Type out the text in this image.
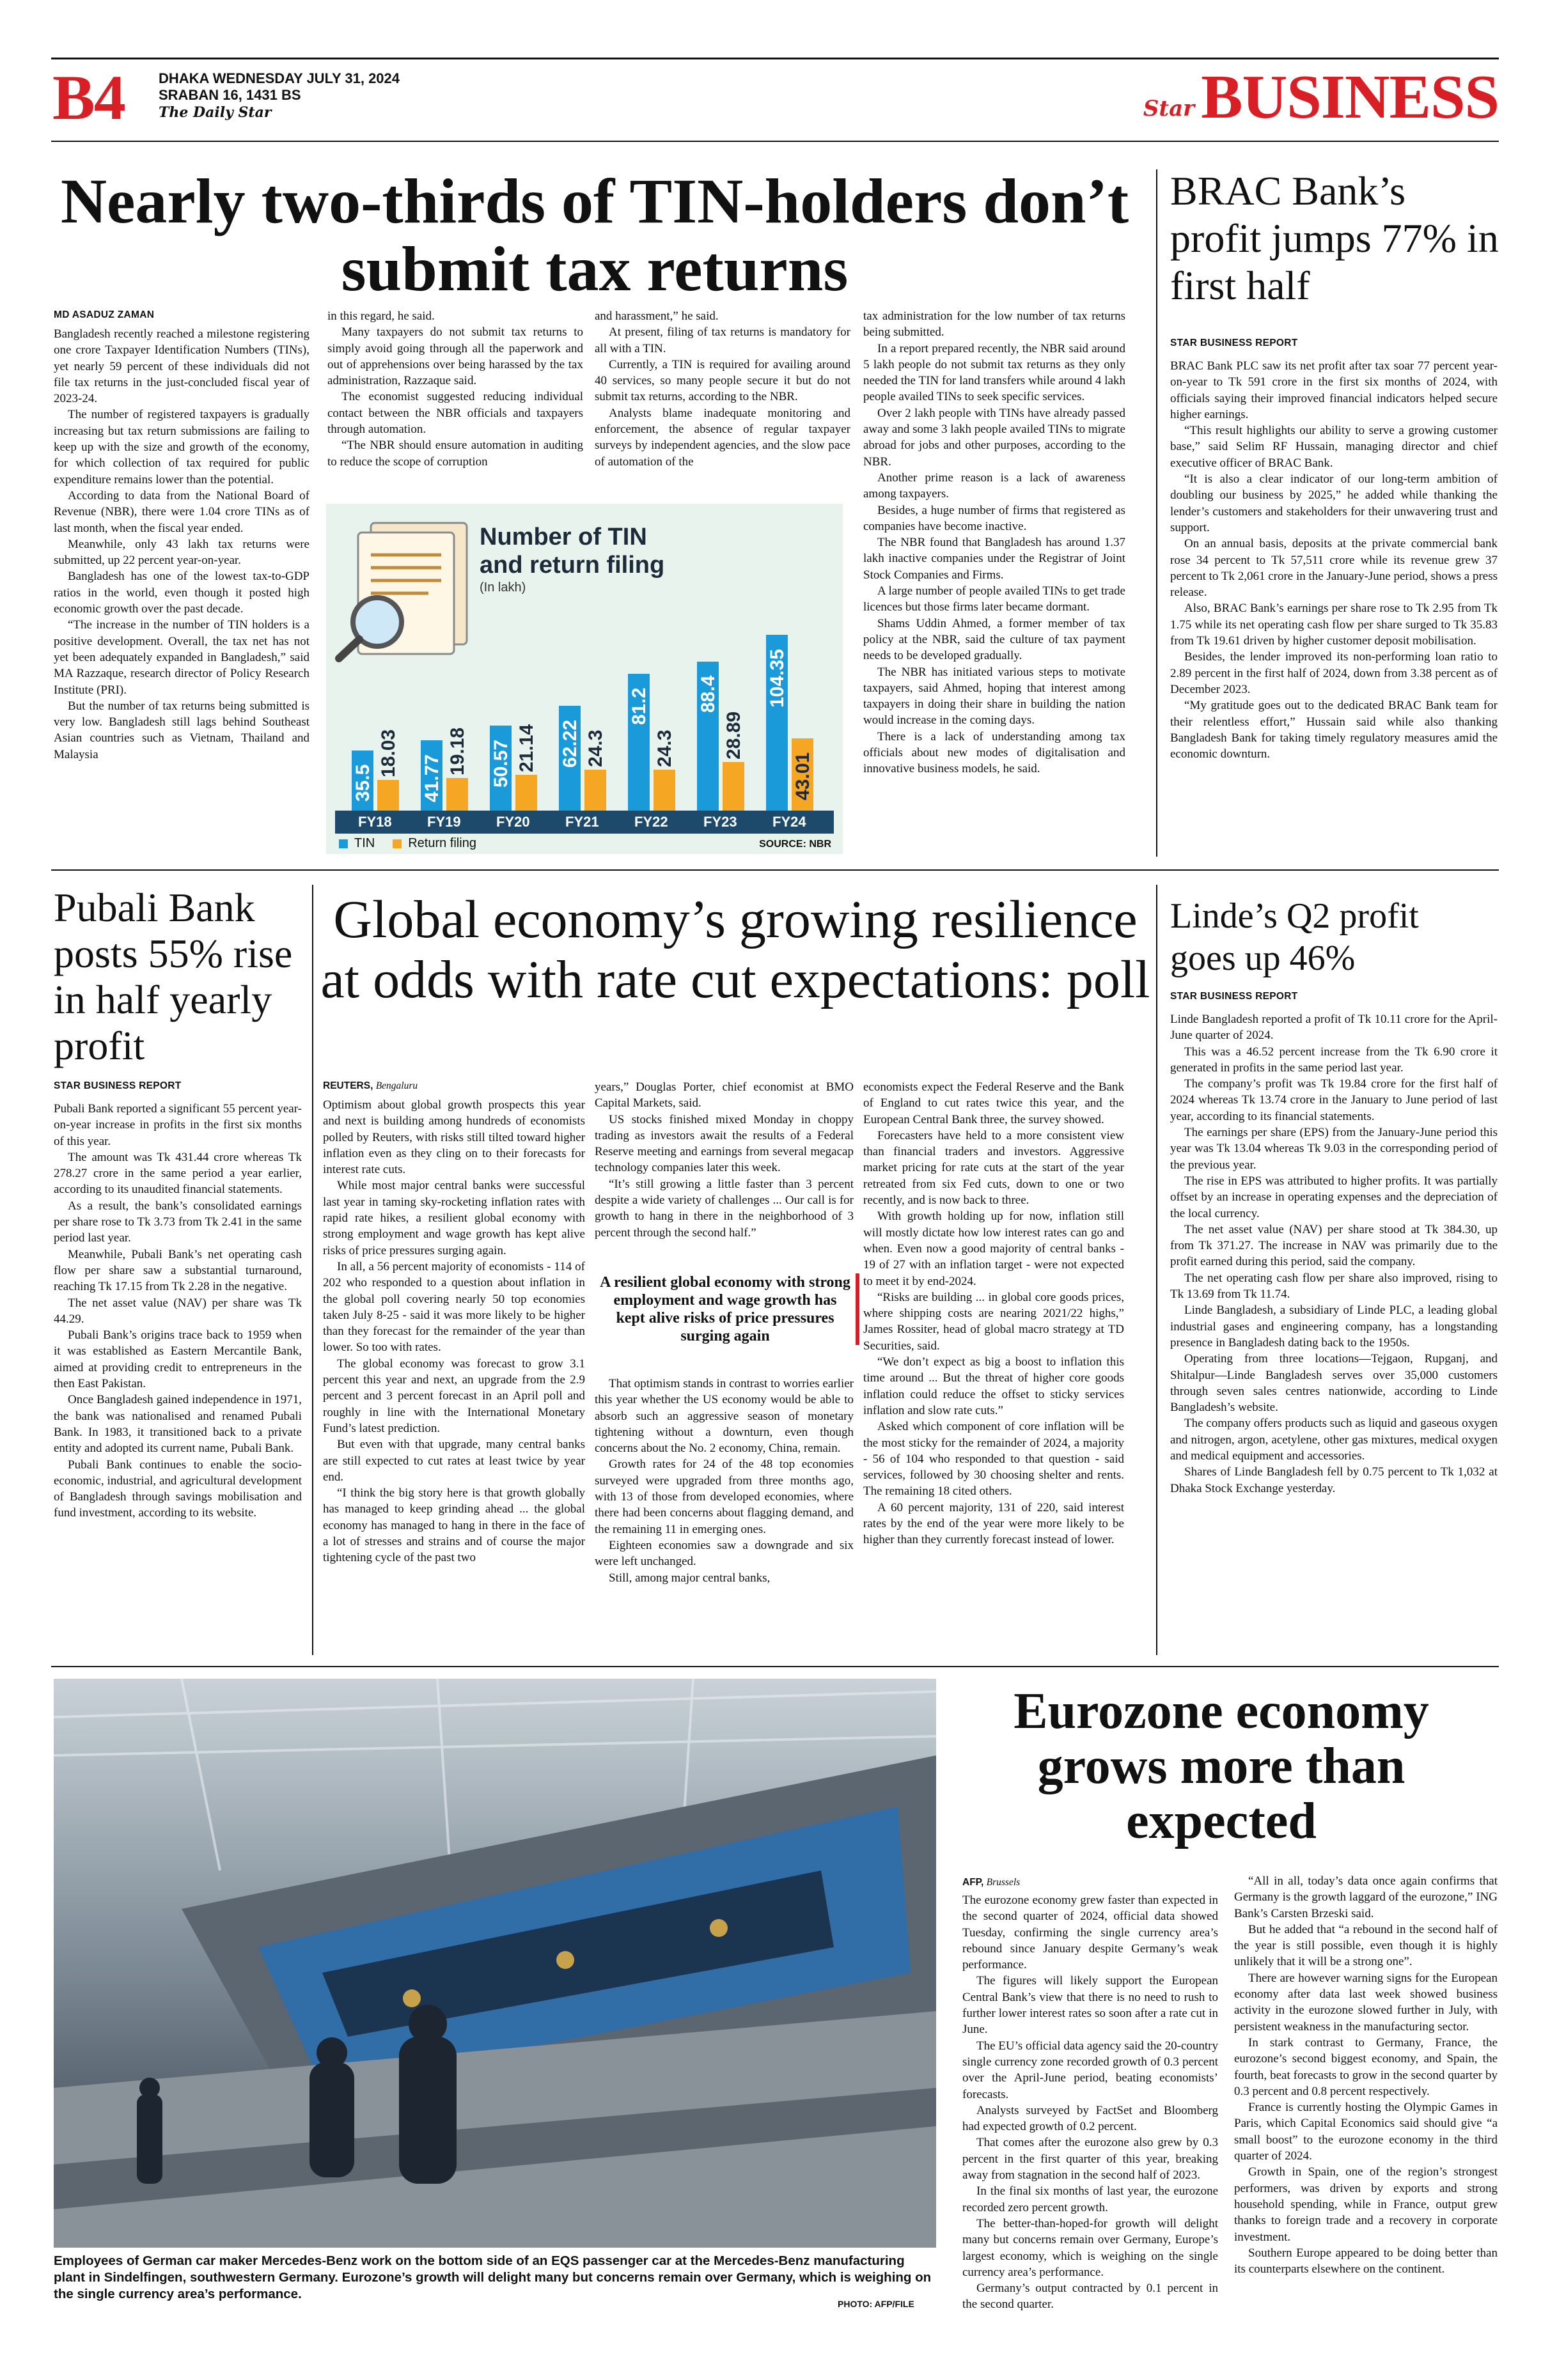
B4 DHAKA WEDNESDAY JULY 31, 2024
SRABAN 16, 1431 BS
The Daily Star	Star BUSINESS
Nearly two-thirds of TIN-holders don’t submit tax returns
MD ASADUZ ZAMAN

Bangladesh recently reached a milestone registering one crore Taxpayer Identification Numbers (TINs), yet nearly 59 percent of these individuals did not file tax returns in the just-concluded fiscal year of 2023-24.

The number of registered taxpayers is gradually increasing but tax return submissions are failing to keep up with the size and growth of the economy, for which collection of tax required for public expenditure remains lower than the potential.

According to data from the National Board of Revenue (NBR), there were 1.04 crore TINs as of last month, when the fiscal year ended.

Meanwhile, only 43 lakh tax returns were submitted, up 22 percent year-on-year.

Bangladesh has one of the lowest tax-to-GDP ratios in the world, even though it posted high economic growth over the past decade.

“The increase in the number of TIN holders is a positive development. Overall, the tax net has not yet been adequately expanded in Bangladesh,” said MA Razzaque, research director of Policy Research Institute (PRI).

But the number of tax returns being submitted is very low. Bangladesh still lags behind Southeast Asian countries such as Vietnam, Thailand and Malaysia

in this regard, he said.

Many taxpayers do not submit tax returns to simply avoid going through all the paperwork and out of apprehensions over being harassed by the tax administration, Razzaque said.

The economist suggested reducing individual contact between the NBR officials and taxpayers through automation.

“The NBR should ensure automation in auditing to reduce the scope of corruption

and harassment,” he said.

At present, filing of tax returns is mandatory for all with a TIN.

Currently, a TIN is required for availing around 40 services, so many people secure it but do not submit tax returns, according to the NBR.

Analysts blame inadequate monitoring and enforcement, the absence of regular taxpayer surveys by independent agencies, and the slow pace of automation of the

tax administration for the low number of tax returns being submitted.

In a report prepared recently, the NBR said around 5 lakh people do not submit tax returns as they only needed the TIN for land transfers while around 4 lakh people availed TINs to seek specific services.

Over 2 lakh people with TINs have already passed away and some 3 lakh people availed TINs to migrate abroad for jobs and other purposes, according to the NBR.

Another prime reason is a lack of awareness among taxpayers.

Besides, a huge number of firms that registered as companies have become inactive.

The NBR found that Bangladesh has around 1.37 lakh inactive companies under the Registrar of Joint Stock Companies and Firms.

A large number of people availed TINs to get trade licences but those firms later became dormant.

Shams Uddin Ahmed, a former member of tax policy at the NBR, said the culture of tax payment needs to be developed gradually.

The NBR has initiated various steps to motivate taxpayers, said Ahmed, hoping that interest among taxpayers in doing their share in building the nation would increase in the coming days.

There is a lack of understanding among tax officials about new modes of digitalisation and innovative business models, he said.

Number of TIN and return filing
(In lakh)
35.5
18.03
FY18
41.77
19.18
FY19
50.57 21.14
FY20
62.22 24.3
FY21
81.2
24.3
FY22
88.4
28.89
FY23
104.35
43.01
FY24
TIN	Return filing	SOURCE: NBR
BRAC Bank’s profit jumps 77% in first half
STAR BUSINESS REPORT

BRAC Bank PLC saw its net profit after tax soar 77 percent year-on-year to Tk 591 crore in the first six months of 2024, with officials saying their improved financial indicators helped secure higher earnings.

“This result highlights our ability to serve a growing customer base,” said Selim RF Hussain, managing director and chief executive officer of BRAC Bank.

“It is also a clear indicator of our long-term ambition of doubling our business by 2025,” he added while thanking the lender’s customers and stakeholders for their unwavering trust and support.

On an annual basis, deposits at the private commercial bank rose 34 percent to Tk 57,511 crore while its revenue grew 37 percent to Tk 2,061 crore in the January-June period, shows a press release.

Also, BRAC Bank’s earnings per share rose to Tk 2.95 from Tk 1.75 while its net operating cash flow per share surged to Tk 35.83 from Tk 19.61 driven by higher customer deposit mobilisation.

Besides, the lender improved its non-performing loan ratio to 2.89 percent in the first half of 2024, down from 3.38 percent as of December 2023.

“My gratitude goes out to the dedicated BRAC Bank team for their relentless effort,” Hussain said while also thanking Bangladesh Bank for taking timely regulatory measures amid the economic downturn.

Pubali Bank posts 55% rise in half yearly profit
STAR BUSINESS REPORT

Pubali Bank reported a significant 55 percent year-on-year increase in profits in the first six months of this year.

The amount was Tk 431.44 crore whereas Tk 278.27 crore in the same period a year earlier, according to its unaudited financial statements.

As a result, the bank’s consolidated earnings per share rose to Tk 3.73 from Tk 2.41 in the same period last year.

Meanwhile, Pubali Bank’s net operating cash flow per share saw a substantial turnaround, reaching Tk 17.15 from Tk 2.28 in the negative.

The net asset value (NAV) per share was Tk 44.29.

Pubali Bank’s origins trace back to 1959 when it was established as Eastern Mercantile Bank, aimed at providing credit to entrepreneurs in the then East Pakistan.

Once Bangladesh gained independence in 1971, the bank was nationalised and renamed Pubali Bank. In 1983, it transitioned back to a private entity and adopted its current name, Pubali Bank.

Pubali Bank continues to enable the socio-economic, industrial, and agricultural development of Bangladesh through savings mobilisation and fund investment, according to its website.

Global economy’s growing resilience at odds with rate cut expectations: poll
REUTERS, Bengaluru

Optimism about global growth prospects this year and next is building among hundreds of economists polled by Reuters, with risks still tilted toward higher inflation even as they cling on to their forecasts for interest rate cuts.

While most major central banks were successful last year in taming sky-rocketing inflation rates with rapid rate hikes, a resilient global economy with strong employment and wage growth has kept alive risks of price pressures surging again.

In all, a 56 percent majority of economists - 114 of 202 who responded to a question about inflation in the global poll covering nearly 50 top economies taken July 8-25 - said it was more likely to be higher than they forecast for the remainder of the year than lower. So too with rates.

The global economy was forecast to grow 3.1 percent this year and next, an upgrade from the 2.9 percent and 3 percent forecast in an April poll and roughly in line with the International Monetary Fund’s latest prediction.

But even with that upgrade, many central banks are still expected to cut rates at least twice by year end.

“I think the big story here is that growth globally has managed to keep grinding ahead ... the global economy has managed to hang in there in the face of a lot of stresses and strains and of course the major tightening cycle of the past two

years,” Douglas Porter, chief economist at BMO Capital Markets, said.

US stocks finished mixed Monday in choppy trading as investors await the results of a Federal Reserve meeting and earnings from several megacap technology companies later this week.

“It’s still growing a little faster than 3 percent despite a wide variety of challenges ... Our call is for growth to hang in there in the neighborhood of 3 percent through the second half.”

A resilient global economy with strong employment and wage growth has kept alive risks of price pressures surging again

That optimism stands in contrast to worries earlier this year whether the US economy would be able to absorb such an aggressive season of monetary tightening without a downturn, even though concerns about the No. 2 economy, China, remain.

Growth rates for 24 of the 48 top economies surveyed were upgraded from three months ago, with 13 of those from developed economies, where there had been concerns about flagging demand, and the remaining 11 in emerging ones.

Eighteen economies saw a downgrade and six were left unchanged.

Still, among major central banks,

economists expect the Federal Reserve and the Bank of England to cut rates twice this year, and the European Central Bank three, the survey showed.

Forecasters have held to a more consistent view than financial traders and investors. Aggressive market pricing for rate cuts at the start of the year retreated from six Fed cuts, down to one or two recently, and is now back to three.

With growth holding up for now, inflation still will mostly dictate how low interest rates can go and when. Even now a good majority of central banks - 19 of 27 with an inflation target - were not expected to meet it by end-2024.

“Risks are building ... in global core goods prices, where shipping costs are nearing 2021/22 highs,” James Rossiter, head of global macro strategy at TD Securities, said.

“We don’t expect as big a boost to inflation this time around ... But the threat of higher core goods inflation could reduce the offset to sticky services inflation and slow rate cuts.”

Asked which component of core inflation will be the most sticky for the remainder of 2024, a majority - 56 of 104 who responded to that question - said services, followed by 30 choosing shelter and rents. The remaining 18 cited others.

A 60 percent majority, 131 of 220, said interest rates by the end of the year were more likely to be higher than they currently forecast instead of lower.

Linde’s Q2 profit goes up 46%
STAR BUSINESS REPORT

Linde Bangladesh reported a profit of Tk 10.11 crore for the April-June quarter of 2024.

This was a 46.52 percent increase from the Tk 6.90 crore it generated in profits in the same period last year.

The company’s profit was Tk 19.84 crore for the first half of 2024 whereas Tk 13.74 crore in the January to June period of last year, according to its financial statements.

The earnings per share (EPS) from the January-June period this year was Tk 13.04 whereas Tk 9.03 in the corresponding period of the previous year.

The rise in EPS was attributed to higher profits. It was partially offset by an increase in operating expenses and the depreciation of the local currency.

The net asset value (NAV) per share stood at Tk 384.30, up from Tk 371.27. The increase in NAV was primarily due to the profit earned during this period, said the company.

The net operating cash flow per share also improved, rising to Tk 13.69 from Tk 11.74.

Linde Bangladesh, a subsidiary of Linde PLC, a leading global industrial gases and engineering company, has a longstanding presence in Bangladesh dating back to the 1950s.

Operating from three locations—Tejgaon, Rupganj, and Shitalpur—Linde Bangladesh serves over 35,000 customers through seven sales centres nationwide, according to Linde Bangladesh’s website.

The company offers products such as liquid and gaseous oxygen and nitrogen, argon, acetylene, other gas mixtures, medical oxygen and medical equipment and accessories.

Shares of Linde Bangladesh fell by 0.75 percent to Tk 1,032 at Dhaka Stock Exchange yesterday.

Employees of German car maker Mercedes-Benz work on the bottom side of an EQS passenger car at the Mercedes-Benz manufacturing plant in Sindelfingen, southwestern Germany. Eurozone’s growth will delight many but concerns remain over Germany, which is weighing on the single currency area’s performance.
PHOTO: AFP/FILE
Eurozone economy grows more than expected
AFP, Brussels

The eurozone economy grew faster than expected in the second quarter of 2024, official data showed Tuesday, confirming the single currency area’s rebound since January despite Germany’s weak performance.

The figures will likely support the European Central Bank’s view that there is no need to rush to further lower interest rates so soon after a rate cut in June.

The EU’s official data agency said the 20-country single currency zone recorded growth of 0.3 percent over the April-June period, beating economists’ forecasts.

Analysts surveyed by FactSet and Bloomberg had expected growth of 0.2 percent.

That comes after the eurozone also grew by 0.3 percent in the first quarter of this year, breaking away from stagnation in the second half of 2023.

In the final six months of last year, the eurozone recorded zero percent growth.

The better-than-hoped-for growth will delight many but concerns remain over Germany, Europe’s largest economy, which is weighing on the single currency area’s performance.

Germany’s output contracted by 0.1 percent in the second quarter.

“All in all, today’s data once again confirms that Germany is the growth laggard of the eurozone,” ING Bank’s Carsten Brzeski said.

But he added that “a rebound in the second half of the year is still possible, even though it is highly unlikely that it will be a strong one”.

There are however warning signs for the European economy after data last week showed business activity in the eurozone slowed further in July, with persistent weakness in the manufacturing sector.

In stark contrast to Germany, France, the eurozone’s second biggest economy, and Spain, the fourth, beat forecasts to grow in the second quarter by 0.3 percent and 0.8 percent respectively.

France is currently hosting the Olympic Games in Paris, which Capital Economics said should give “a small boost” to the eurozone economy in the third quarter of 2024.

Growth in Spain, one of the region’s strongest performers, was driven by exports and strong household spending, while in France, output grew thanks to foreign trade and a recovery in corporate investment.

Southern Europe appeared to be doing better than its counterparts elsewhere on the continent.
